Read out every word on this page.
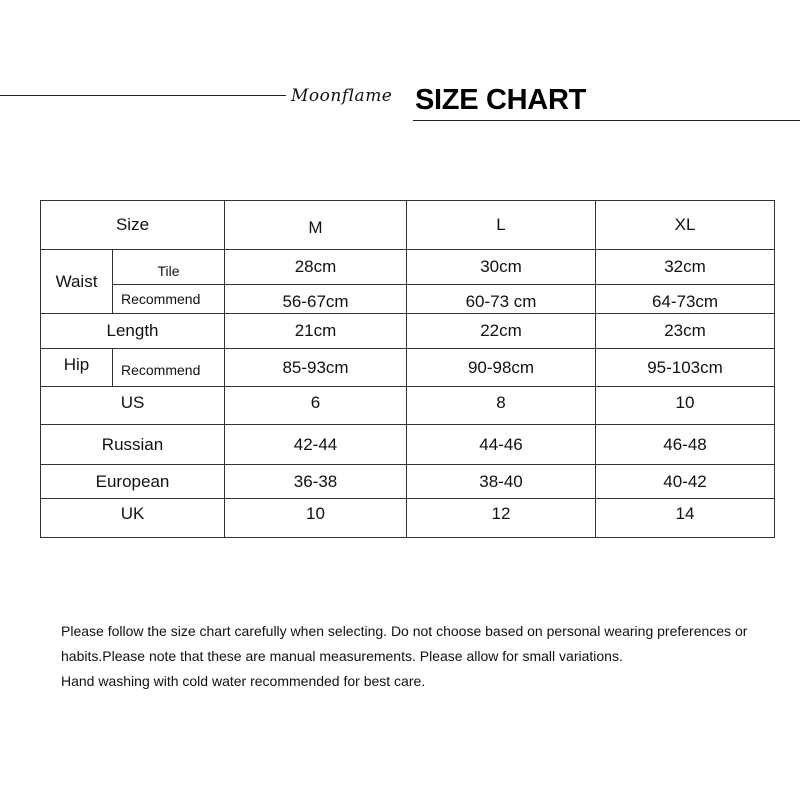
Moonflame SIZE CHART
Size		M	L	XL
Waist	Tile	28cm	30cm	32cm
	Recommend	56-67cm	60-73 cm	64-73cm
Length		21cm	22cm	23cm
Hip	Recommend	85-93cm	90-98cm	95-103cm
US		6	8	10
Russian		42-44	44-46	46-48
European		36-38	38-40	40-42
UK		10	12	14
Please follow the size chart carefully when selecting. Do not choose based on personal wearing preferences or
habits.Please note that these are manual measurements. Please allow for small variations.
Hand washing with cold water recommended for best care.
